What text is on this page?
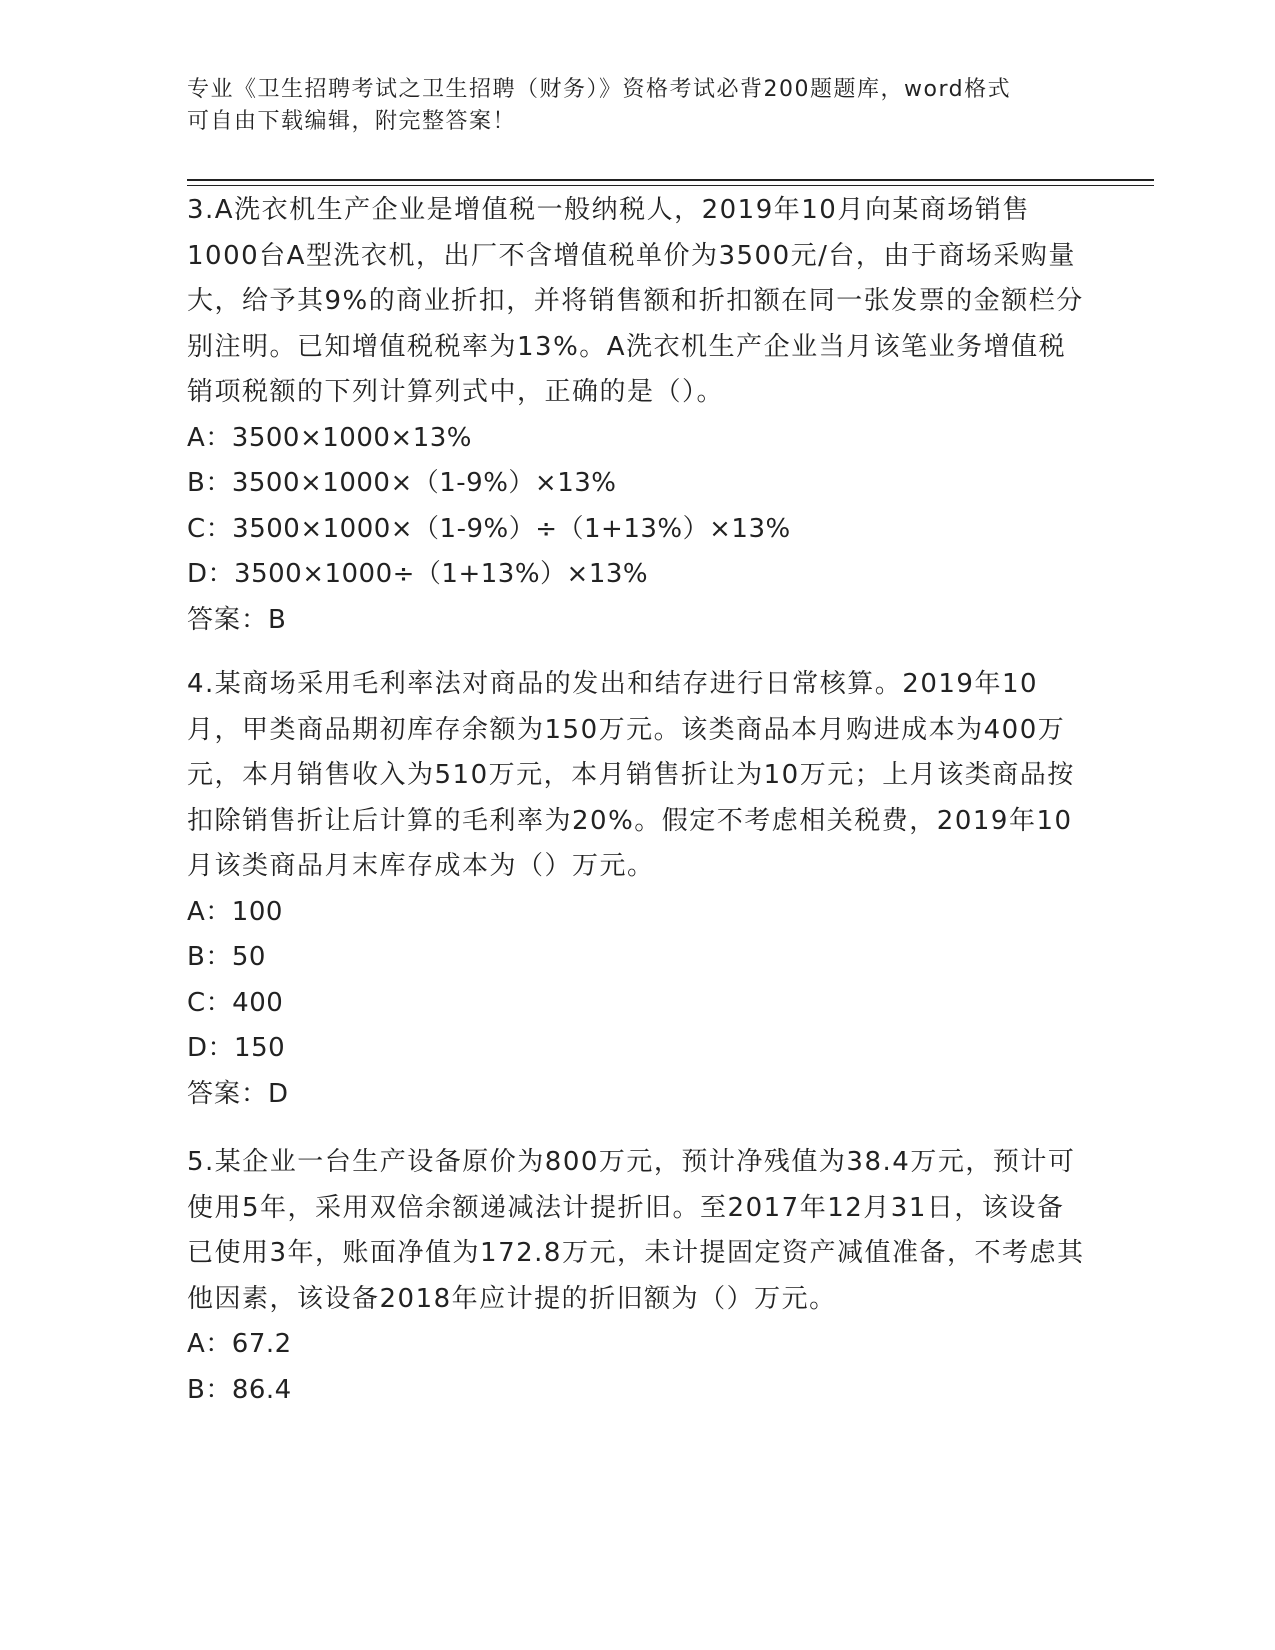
专业《卫生招聘考试之卫生招聘（财务）》资格考试必背200题题库，word格式
可自由下载编辑，附完整答案！

3.A洗衣机生产企业是增值税一般纳税人，2019年10月向某商场销售1000台A型洗衣机，出厂不含增值税单价为3500元/台，由于商场采购量大，给予其9%的商业折扣，并将销售额和折扣额在同一张发票的金额栏分别注明。已知增值税税率为13%。A洗衣机生产企业当月该笔业务增值税销项税额的下列计算列式中，正确的是（）。

A：3500×1000×13%

B：3500×1000×（1-9%）×13%

C：3500×1000×（1-9%）÷（1+13%）×13%

D：3500×1000÷（1+13%）×13%

答案：B

4.某商场采用毛利率法对商品的发出和结存进行日常核算。2019年10月，甲类商品期初库存余额为150万元。该类商品本月购进成本为400万元，本月销售收入为510万元，本月销售折让为10万元；上月该类商品按扣除销售折让后计算的毛利率为20%。假定不考虑相关税费，2019年10月该类商品月末库存成本为（）万元。

A：100

B：50

C：400

D：150

答案：D

5.某企业一台生产设备原价为800万元，预计净残值为38.4万元，预计可使用5年，采用双倍余额递减法计提折旧。至2017年12月31日，该设备已使用3年，账面净值为172.8万元，未计提固定资产减值准备，不考虑其他因素，该设备2018年应计提的折旧额为（）万元。

A：67.2

B：86.4
